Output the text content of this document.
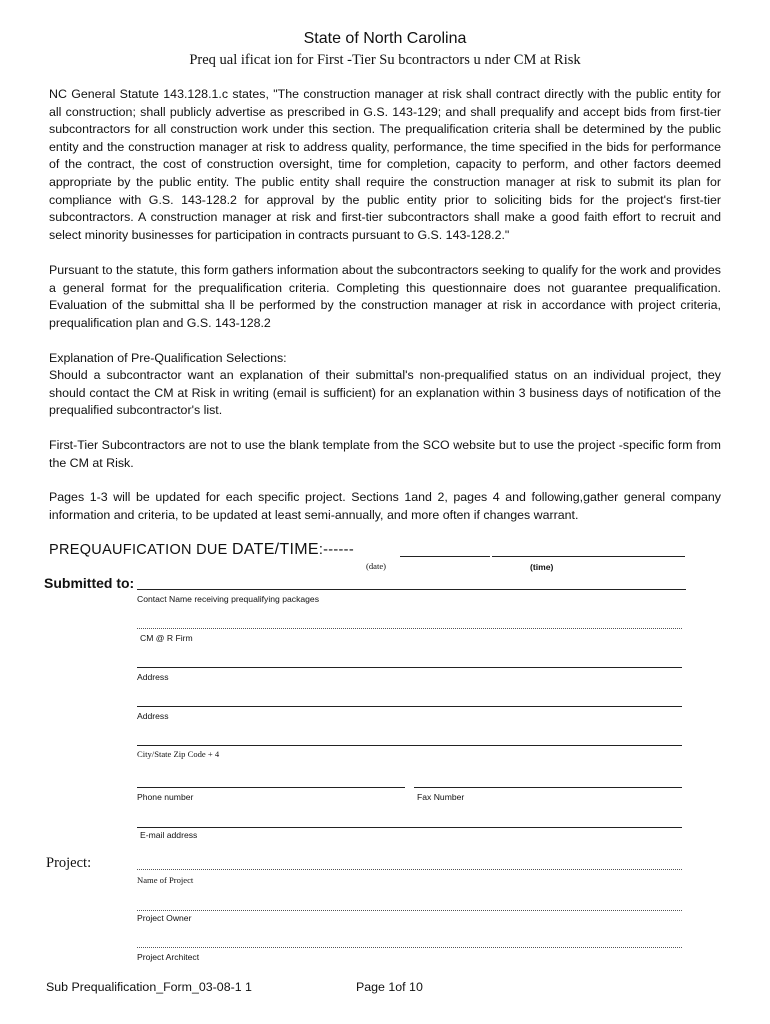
State of North Carolina
Preq ual ificat ion for First -Tier Su bcontractors u nder CM at Risk
NC General Statute 143.128.1.c states, "The construction manager at risk shall contract directly with the public entity for all construction; shall publicly advertise as prescribed in G.S. 143-129; and shall prequalify and accept bids from first-tier subcontractors for all construction work under this section. The prequalification criteria shall be determined by the public entity and the construction manager at risk to address quality, performance, the time specified in the bids for performance of the contract, the cost of construction oversight, time for completion, capacity to perform, and other factors deemed appropriate by the public entity. The public entity shall require the construction manager at risk to submit its plan for compliance with G.S. 143-128.2 for approval by the public entity prior to soliciting bids for the project's first-tier subcontractors. A construction manager at risk and first-tier subcontractors shall make a good faith effort to recruit and select minority businesses for participation in contracts pursuant to G.S. 143-128.2."
Pursuant to the statute, this form gathers information about the subcontractors seeking to qualify for the work and provides a general format for the prequalification criteria. Completing this questionnaire does not guarantee prequalification. Evaluation of the submittal sha ll be performed by the construction manager at risk in accordance with project criteria, prequalification plan and G.S. 143-128.2
Explanation of Pre-Qualification Selections:
Should a subcontractor want an explanation of their submittal's non-prequalified status on an individual project, they should contact the CM at Risk in writing (email is sufficient) for an explanation within 3 business days of notification of the prequalified subcontractor's list.
First-Tier Subcontractors are not to use the blank template from the SCO website but to use the project -specific form from the CM at Risk.
Pages 1-3 will be updated for each specific project. Sections 1and 2, pages 4 and following,gather general company information and criteria, to be updated at least semi-annually, and more often if changes warrant.
PREQUAUFICATION DUE DATE/TIME:------
(date)	(time)
Submitted to:
Contact Name receiving prequalifying packages
CM @ R Firm
Address
Address
City/State Zip Code + 4
Phone number	Fax Number
E-mail address
Project:
Name of Project
Project Owner
Project Architect
Sub Prequalification_Form_03-08-1 1	Page 1of 10
